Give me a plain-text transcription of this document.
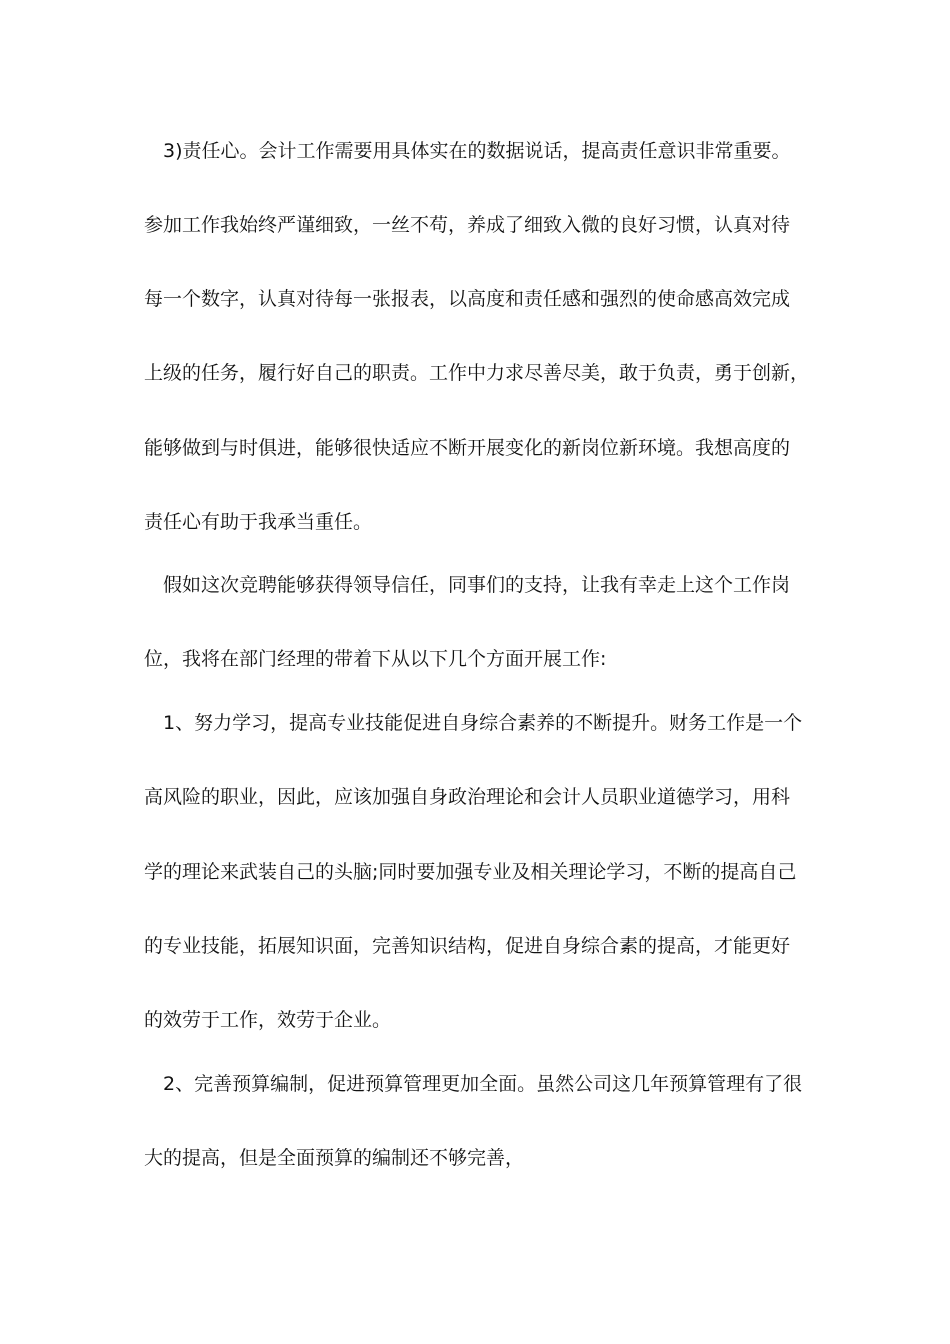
3)责任心。会计工作需要用具体实在的数据说话，提高责任意识非常重要。
参加工作我始终严谨细致，一丝不苟，养成了细致入微的良好习惯，认真对待
每一个数字，认真对待每一张报表，以高度和责任感和强烈的使命感高效完成
上级的任务，履行好自己的职责。工作中力求尽善尽美，敢于负责，勇于创新，
能够做到与时俱进，能够很快适应不断开展变化的新岗位新环境。我想高度的
责任心有助于我承当重任。
假如这次竞聘能够获得领导信任，同事们的支持，让我有幸走上这个工作岗
位，我将在部门经理的带着下从以下几个方面开展工作:
1、努力学习，提高专业技能促进自身综合素养的不断提升。财务工作是一个
高风险的职业，因此，应该加强自身政治理论和会计人员职业道德学习，用科
学的理论来武装自己的头脑;同时要加强专业及相关理论学习，不断的提高自己
的专业技能，拓展知识面，完善知识结构，促进自身综合素的提高，才能更好
的效劳于工作，效劳于企业。
2、完善预算编制，促进预算管理更加全面。虽然公司这几年预算管理有了很
大的提高，但是全面预算的编制还不够完善，
